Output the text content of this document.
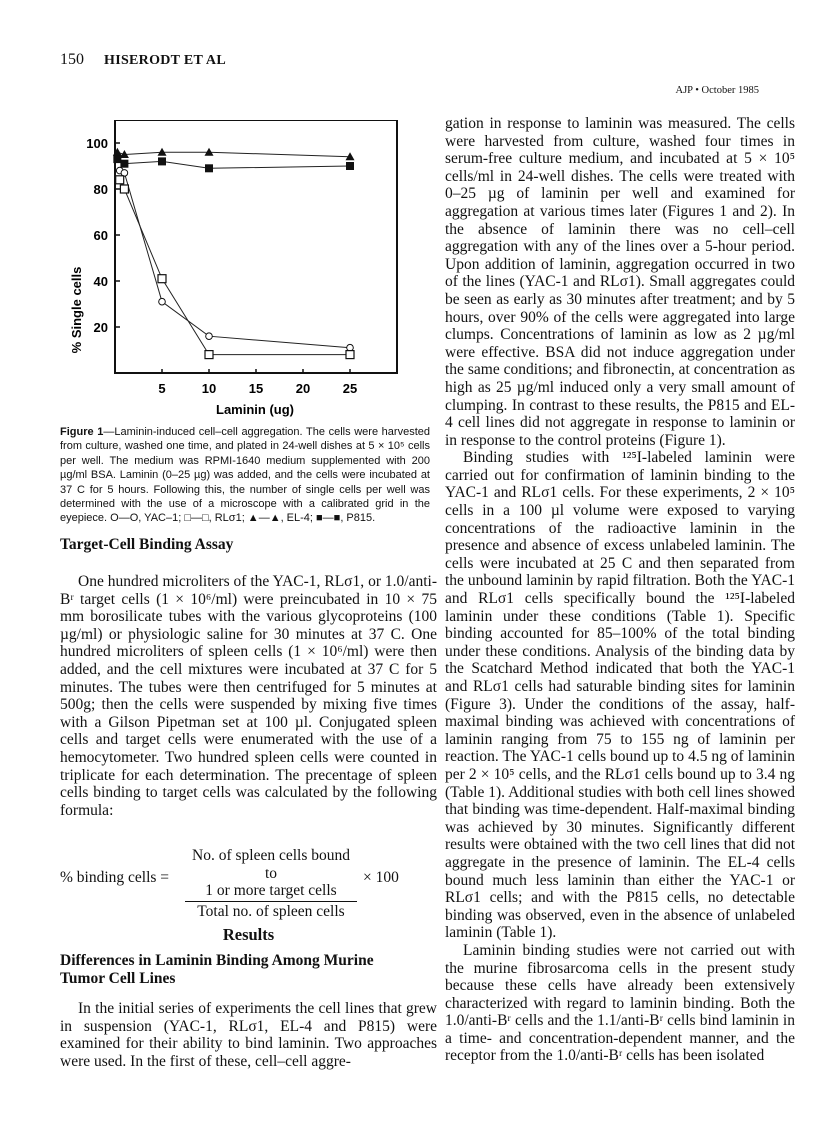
150 HISERODT ET AL
AJP • October 1985
20
40
60
80
100
5	10	15	20	25
Laminin (ug)
% Single cells
Figure 1—Laminin-induced cell–cell aggregation. The cells were harvested from culture, washed one time, and plated in 24-well dishes at 5 × 10⁵ cells per well. The medium was RPMI-1640 medium supplemented with 200 µg/ml BSA. Laminin (0–25 µg) was added, and the cells were incubated at 37 C for 5 hours. Following this, the number of single cells per well was determined with the use of a microscope with a calibrated grid in the eyepiece. O—O, YAC–1; □—□, RLσ1; ▲—▲, EL-4; ■—■, P815.
Target-Cell Binding Assay

One hundred microliters of the YAC-1, RLσ1, or 1.0/anti-Bʳ target cells (1 × 10⁶/ml) were preincubated in 10 × 75 mm borosilicate tubes with the various glycoproteins (100 µg/ml) or physiologic saline for 30 minutes at 37 C. One hundred microliters of spleen cells (1 × 10⁶/ml) were then added, and the cell mixtures were incubated at 37 C for 5 minutes. The tubes were then centrifuged for 5 minutes at 500g; then the cells were suspended by mixing five times with a Gilson Pipetman set at 100 µl. Conjugated spleen cells and target cells were enumerated with the use of a hemocytometer. Two hundred spleen cells were counted in triplicate for each determination. The precentage of spleen cells binding to target cells was calculated by the following formula:

% binding cells =
No. of spleen cells bound to
1 or more target cells
Total no. of spleen cells
× 100
Results
Differences in Laminin Binding Among Murine Tumor Cell Lines

In the initial series of experiments the cell lines that grew in suspension (YAC-1, RLσ1, EL-4 and P815) were examined for their ability to bind laminin. Two approaches were used. In the first of these, cell–cell aggre-

gation in response to laminin was measured. The cells were harvested from culture, washed four times in serum-free culture medium, and incubated at 5 × 10⁵ cells/ml in 24-well dishes. The cells were treated with 0–25 µg of laminin per well and examined for aggregation at various times later (Figures 1 and 2). In the absence of laminin there was no cell–cell aggregation with any of the lines over a 5-hour period. Upon addition of laminin, aggregation occurred in two of the lines (YAC-1 and RLσ1). Small aggregates could be seen as early as 30 minutes after treatment; and by 5 hours, over 90% of the cells were aggregated into large clumps. Concentrations of laminin as low as 2 µg/ml were effective. BSA did not induce aggregation under the same conditions; and fibronectin, at concentration as high as 25 µg/ml induced only a very small amount of clumping. In contrast to these results, the P815 and EL-4 cell lines did not aggregate in response to laminin or in response to the control proteins (Figure 1).

Binding studies with ¹²⁵I-labeled laminin were carried out for confirmation of laminin binding to the YAC-1 and RLσ1 cells. For these experiments, 2 × 10⁵ cells in a 100 µl volume were exposed to varying concentrations of the radioactive laminin in the presence and absence of excess unlabeled laminin. The cells were incubated at 25 C and then separated from the unbound laminin by rapid filtration. Both the YAC-1 and RLσ1 cells specifically bound the ¹²⁵I-labeled laminin under these conditions (Table 1). Specific binding accounted for 85–100% of the total binding under these conditions. Analysis of the binding data by the Scatchard Method indicated that both the YAC-1 and RLσ1 cells had saturable binding sites for laminin (Figure 3). Under the conditions of the assay, half-maximal binding was achieved with concentrations of laminin ranging from 75 to 155 ng of laminin per reaction. The YAC-1 cells bound up to 4.5 ng of laminin per 2 × 10⁵ cells, and the RLσ1 cells bound up to 3.4 ng (Table 1). Additional studies with both cell lines showed that binding was time-dependent. Half-maximal binding was achieved by 30 minutes. Significantly different results were obtained with the two cell lines that did not aggregate in the presence of laminin. The EL-4 cells bound much less laminin than either the YAC-1 or RLσ1 cells; and with the P815 cells, no detectable binding was observed, even in the absence of unlabeled laminin (Table 1).

Laminin binding studies were not carried out with the murine fibrosarcoma cells in the present study because these cells have already been extensively characterized with regard to laminin binding. Both the 1.0/anti-Bʳ cells and the 1.1/anti-Bʳ cells bind laminin in a time- and concentration-dependent manner, and the receptor from the 1.0/anti-Bʳ cells has been isolated
